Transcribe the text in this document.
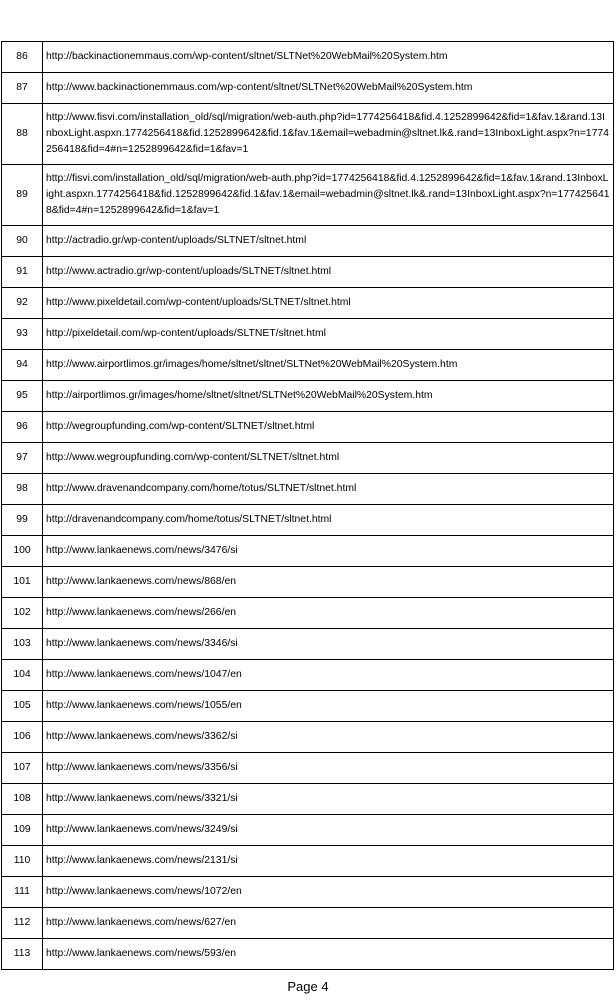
86	http://backinactionemmaus.com/wp-content/sltnet/SLTNet%20WebMail%20System.htm
87	http://www.backinactionemmaus.com/wp-content/sltnet/SLTNet%20WebMail%20System.htm
88	http://www.fisvi.com/installation_old/sql/migration/web-auth.php?id=1774256418&fid.4.1252899642&fid=1&fav.1&rand.13InboxLight.aspxn.1774256418&fid.1252899642&fid.1&fav.1&email=webadmin@sltnet.lk&.rand=13InboxLight.aspx?n=1774256418&fid=4#n=1252899642&fid=1&fav=1
89	http://fisvi.com/installation_old/sql/migration/web-auth.php?id=1774256418&fid.4.1252899642&fid=1&fav.1&rand.13InboxLight.aspxn.1774256418&fid.1252899642&fid.1&fav.1&email=webadmin@sltnet.lk&.rand=13InboxLight.aspx?n=1774256418&fid=4#n=1252899642&fid=1&fav=1
90	http://actradio.gr/wp-content/uploads/SLTNET/sltnet.html
91	http://www.actradio.gr/wp-content/uploads/SLTNET/sltnet.html
92	http://www.pixeldetail.com/wp-content/uploads/SLTNET/sltnet.html
93	http://pixeldetail.com/wp-content/uploads/SLTNET/sltnet.html
94	http://www.airportlimos.gr/images/home/sltnet/sltnet/SLTNet%20WebMail%20System.htm
95	http://airportlimos.gr/images/home/sltnet/sltnet/SLTNet%20WebMail%20System.htm
96	http://wegroupfunding.com/wp-content/SLTNET/sltnet.html
97	http://www.wegroupfunding.com/wp-content/SLTNET/sltnet.html
98	http://www.dravenandcompany.com/home/totus/SLTNET/sltnet.html
99	http://dravenandcompany.com/home/totus/SLTNET/sltnet.html
100	http://www.lankaenews.com/news/3476/si
101	http://www.lankaenews.com/news/868/en
102	http://www.lankaenews.com/news/266/en
103	http://www.lankaenews.com/news/3346/si
104	http://www.lankaenews.com/news/1047/en
105	http://www.lankaenews.com/news/1055/en
106	http://www.lankaenews.com/news/3362/si
107	http://www.lankaenews.com/news/3356/si
108	http://www.lankaenews.com/news/3321/si
109	http://www.lankaenews.com/news/3249/si
110	http://www.lankaenews.com/news/2131/si
111	http://www.lankaenews.com/news/1072/en
112	http://www.lankaenews.com/news/627/en
113	http://www.lankaenews.com/news/593/en
Page 4
